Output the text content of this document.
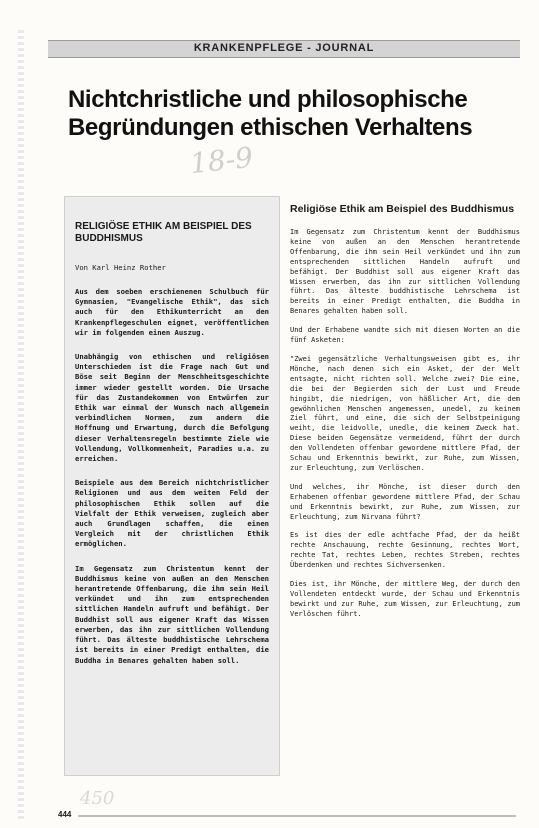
KRANKENPFLEGE - JOURNAL
Nichtchristliche und philosophische Begründungen ethischen Verhaltens
18-9
RELIGIÖSE ETHIK AM BEISPIEL DES BUDDHISMUS

Von Karl Heinz Rother

Aus dem soeben erschienenen Schulbuch für Gymnasien, "Evangelische Ethik", das sich auch für den Ethikunterricht an den Krankenpflegeschulen eignet, veröffentlichen wir im folgenden einen Auszug.

Unabhängig von ethischen und religiösen Unterschieden ist die Frage nach Gut und Böse seit Beginn der Menschheitsgeschichte immer wieder gestellt worden. Die Ursache für das Zustandekommen von Entwürfen zur Ethik war einmal der Wunsch nach allgemein verbindlichen Normen, zum andern die Hoffnung und Erwartung, durch die Befolgung dieser Verhaltensregeln bestimmte Ziele wie Vollendung, Vollkommenheit, Paradies u.a. zu erreichen.

Beispiele aus dem Bereich nichtchristlicher Religionen und aus dem weiten Feld der philosophischen Ethik sollen auf die Vielfalt der Ethik verweisen, zugleich aber auch Grundlagen schaffen, die einen Vergleich mit der christlichen Ethik ermöglichen.

Im Gegensatz zum Christentum kennt der Buddhismus keine von außen an den Menschen herantretende Offenbarung, die ihm sein Heil verkündet und ihn zum entsprechenden sittlichen Handeln aufruft und befähigt. Der Buddhist soll aus eigener Kraft das Wissen erwerben, das ihn zur sittlichen Vollendung führt. Das älteste buddhistische Lehrschema ist bereits in einer Predigt enthalten, die Buddha in Benares gehalten haben soll.

Religiöse Ethik am Beispiel des Buddhismus

Im Gegensatz zum Christentum kennt der Buddhismus keine von außen an den Menschen herantretende Offenbarung, die ihm sein Heil verkündet und ihn zum entsprechenden sittlichen Handeln aufruft und befähigt. Der Buddhist soll aus eigener Kraft das Wissen erwerben, das ihn zur sittlichen Vollendung führt. Das älteste buddhistische Lehrschema ist bereits in einer Predigt enthalten, die Buddha in Benares gehalten haben soll.

Und der Erhabene wandte sich mit diesen Worten an die fünf Asketen:

"Zwei gegensätzliche Verhaltungsweisen gibt es, ihr Mönche, nach denen sich ein Asket, der der Welt entsagte, nicht richten soll. Welche zwei? Die eine, die bei der Begierden sich der Lust und Freude hingibt, die niedrigen, von häßlicher Art, die dem gewöhnlichen Menschen angemessen, unedel, zu keinem Ziel führt, und eine, die sich der Selbstpeinigung weiht, die leidvolle, unedle, die keinem Zweck hat. Diese beiden Gegensätze vermeidend, führt der durch den Vollendeten offenbar gewordene mittlere Pfad, der Schau und Erkenntnis bewirkt, zur Ruhe, zum Wissen, zur Erleuchtung, zum Verlöschen.

Und welches, ihr Mönche, ist dieser durch den Erhabenen offenbar gewordene mittlere Pfad, der Schau und Erkenntnis bewirkt, zur Ruhe, zum Wissen, zur Erleuchtung, zum Nirvana führt?

Es ist dies der edle achtfache Pfad, der da heißt rechte Anschauung, rechte Gesinnung, rechtes Wort, rechte Tat, rechtes Leben, rechtes Streben, rechtes Überdenken und rechtes Sichversenken.

Dies ist, ihr Mönche, der mittlere Weg, der durch den Vollendeten entdeckt wurde, der Schau und Erkenntnis bewirkt und zur Ruhe, zum Wissen, zur Erleuchtung, zum Verlöschen führt.

450
444
